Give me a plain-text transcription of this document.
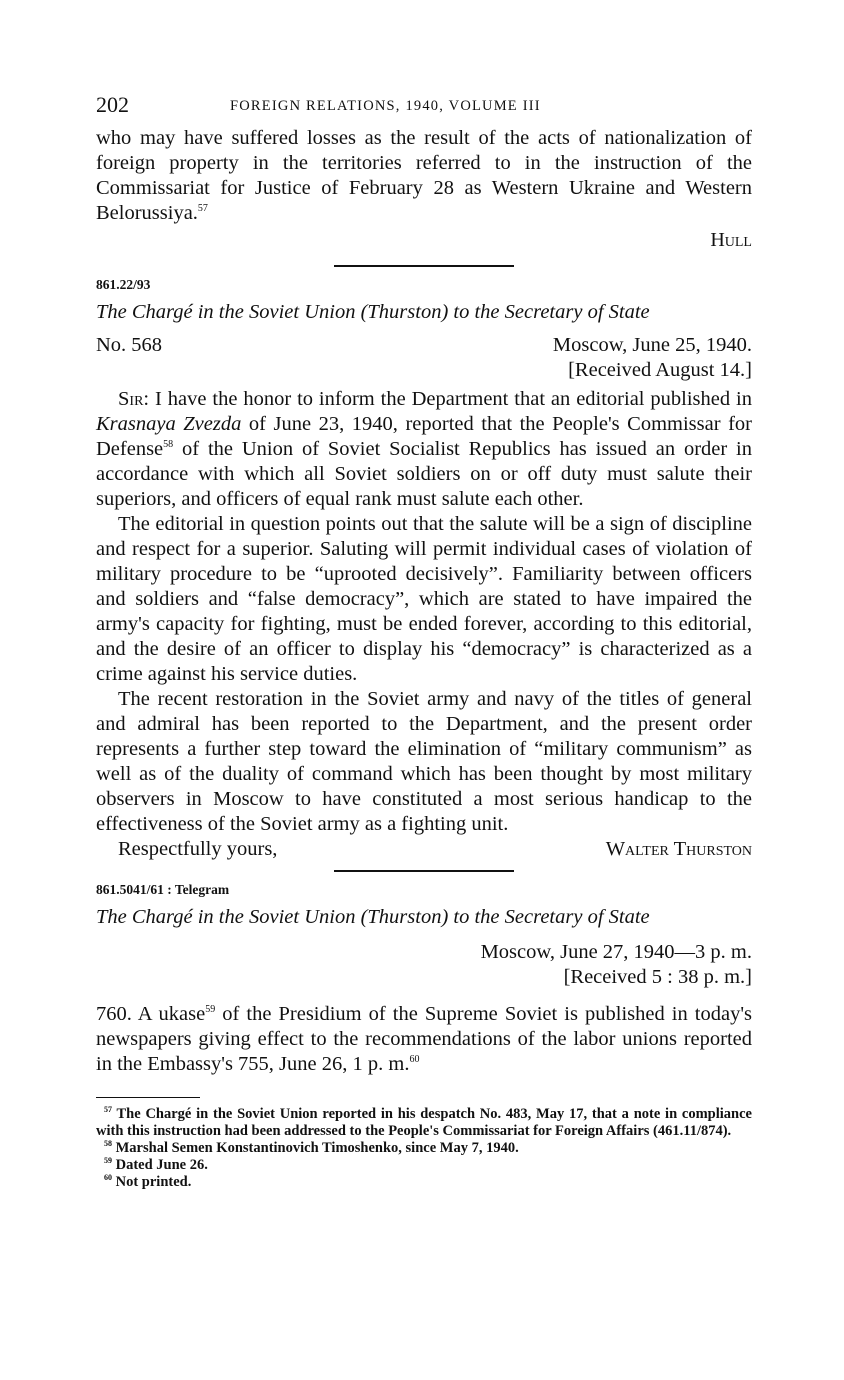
202	FOREIGN RELATIONS, 1940, VOLUME III

who may have suffered losses as the result of the acts of nationalization of foreign property in the territories referred to in the instruction of the Commissariat for Justice of February 28 as Western Ukraine and Western Belorussiya.$^{57}$

Hull
861.22/93

The Chargé in the Soviet Union (Thurston) to the Secretary of State

No. 568	Moscow, June 25, 1940.
[Received August 14.]

Sir: I have the honor to inform the Department that an editorial published in Krasnaya Zvezda of June 23, 1940, reported that the People's Commissar for Defense$^{58}$ of the Union of Soviet Socialist Republics has issued an order in accordance with which all Soviet soldiers on or off duty must salute their superiors, and officers of equal rank must salute each other.

The editorial in question points out that the salute will be a sign of discipline and respect for a superior. Saluting will permit individual cases of violation of military procedure to be “uprooted decisively”. Familiarity between officers and soldiers and “false democracy”, which are stated to have impaired the army's capacity for fighting, must be ended forever, according to this editorial, and the desire of an officer to display his “democracy” is characterized as a crime against his service duties.

The recent restoration in the Soviet army and navy of the titles of general and admiral has been reported to the Department, and the present order represents a further step toward the elimination of “military communism” as well as of the duality of command which has been thought by most military observers in Moscow to have constituted a most serious handicap to the effectiveness of the Soviet army as a fighting unit.

Respectfully yours,	Walter Thurston
861.5041/61 : Telegram

The Chargé in the Soviet Union (Thurston) to the Secretary of State

Moscow, June 27, 1940—3 p. m.
[Received 5 : 38 p. m.]

760. A ukase$^{59}$ of the Presidium of the Supreme Soviet is published in today's newspapers giving effect to the recommendations of the labor unions reported in the Embassy's 755, June 26, 1 p. m.$^{60}$

$^{57}$ The Chargé in the Soviet Union reported in his despatch No. 483, May 17, that a note in compliance with this instruction had been addressed to the People's Commissariat for Foreign Affairs (461.11/874).

$^{58}$ Marshal Semen Konstantinovich Timoshenko, since May 7, 1940.

$^{59}$ Dated June 26.

$^{60}$ Not printed.
